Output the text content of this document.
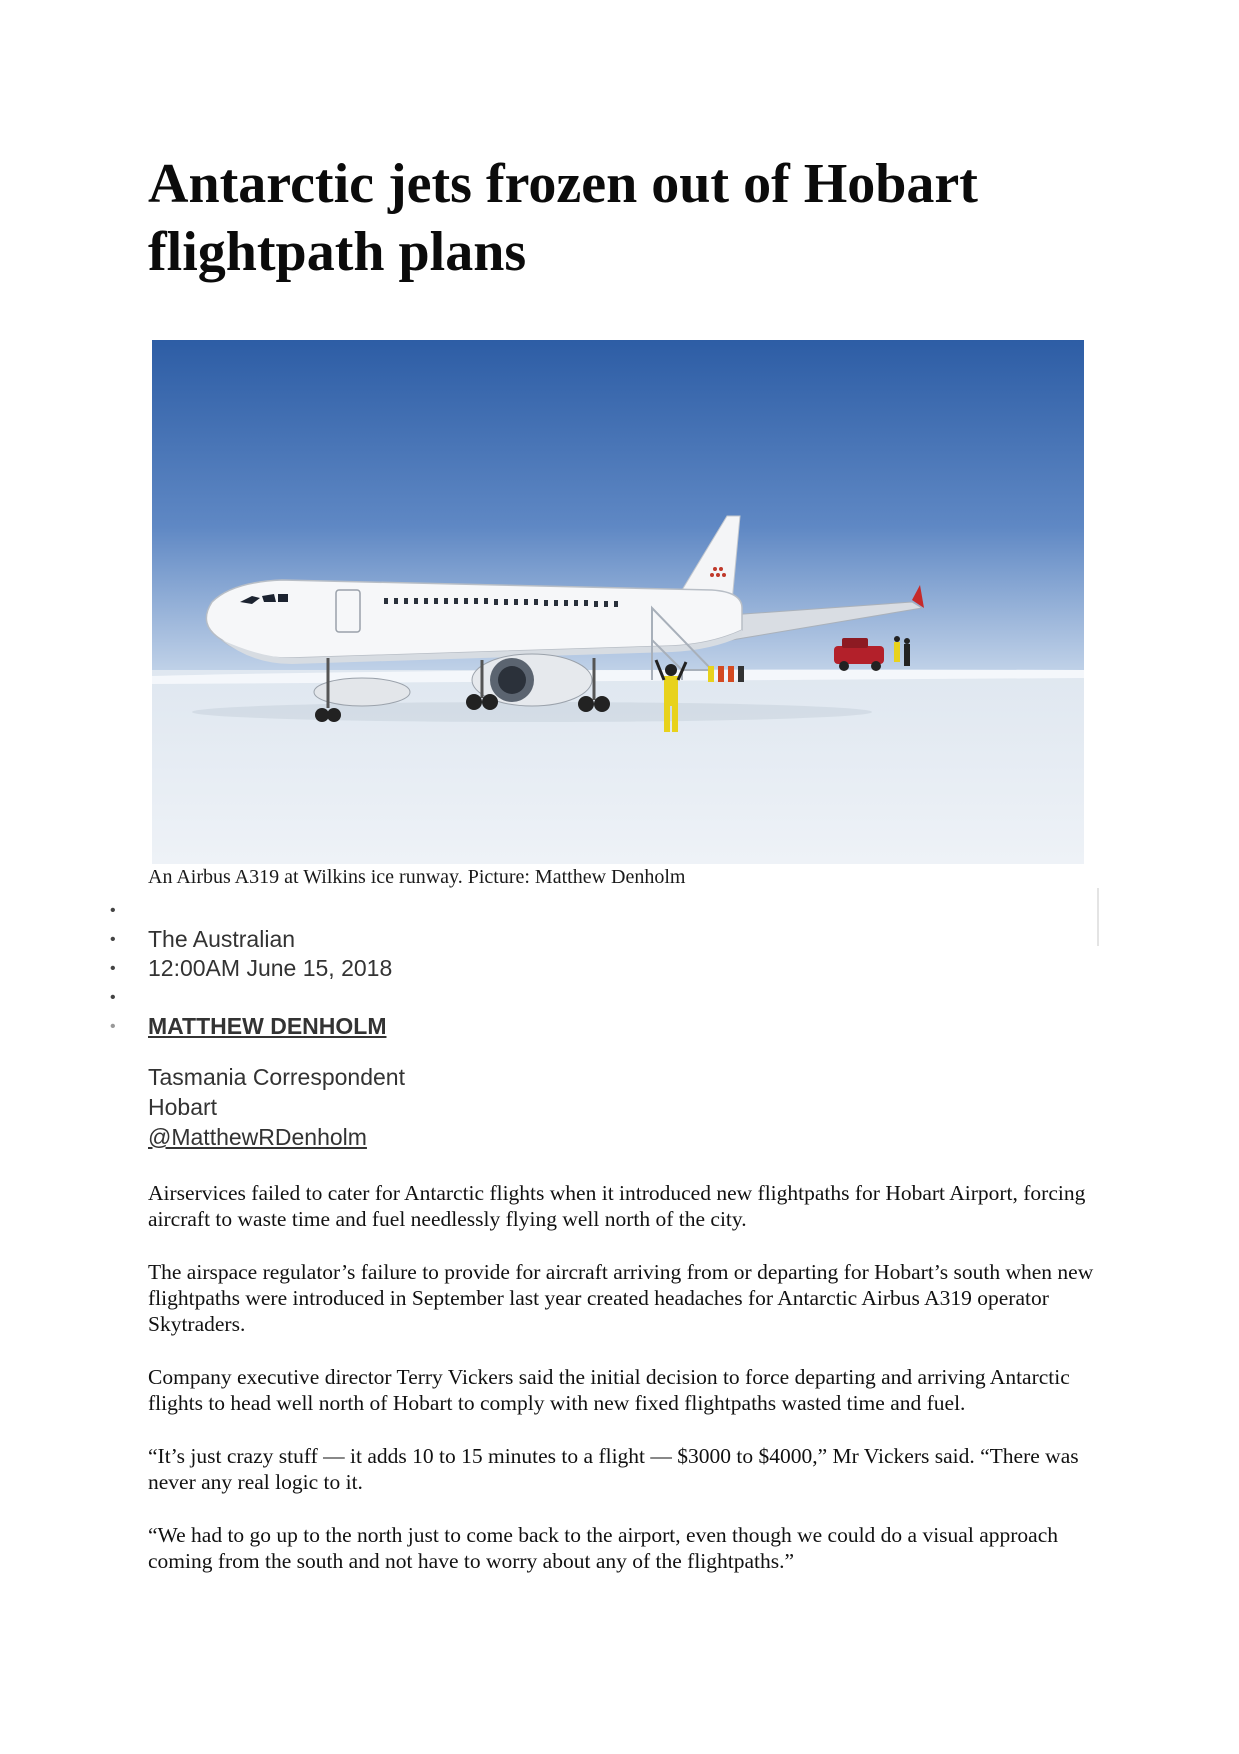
Antarctic jets frozen out of Hobart
flightpath plans

An Airbus A319 at Wilkins ice runway. Picture: Matthew Denholm

•
• The Australian
• 12:00AM June 15, 2018
•
• MATTHEW DENHOLM
Tasmania Correspondent
Hobart
@MatthewRDenholm

Airservices failed to cater for Antarctic flights when it introduced new flightpaths for Hobart Airport, forcing aircraft to waste time and fuel needlessly flying well north of the city.

The airspace regulator’s failure to provide for aircraft arriving from or departing for Hobart’s south when new flightpaths were introduced in September last year created headaches for Antarctic Airbus A319 operator Skytraders.

Company executive director Terry Vickers said the initial decision to force departing and arriving Antarctic flights to head well north of Hobart to comply with new fixed flightpaths wasted time and fuel.

“It’s just crazy stuff — it adds 10 to 15 minutes to a flight — $3000 to $4000,” Mr Vickers said. “There was never any real logic to it.

“We had to go up to the north just to come back to the airport, even though we could do a visual approach coming from the south and not have to worry about any of the flightpaths.”
